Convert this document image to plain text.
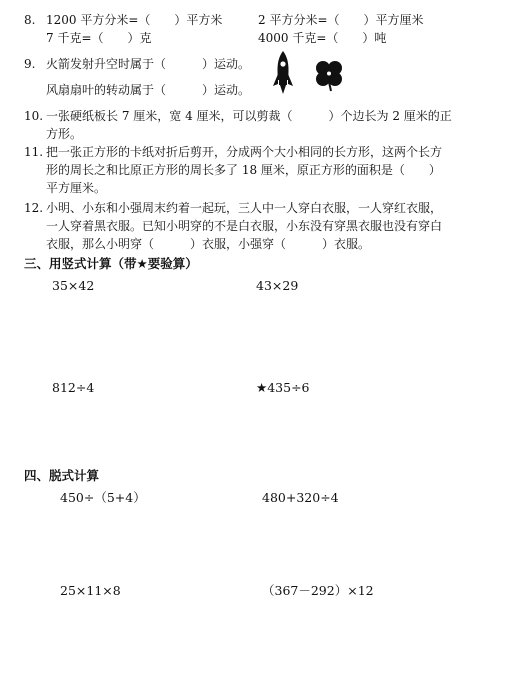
8. 1200 平方分米=（　　）平方米	2 平方分米=（　　）平方厘米
7 千克=（　　）克	4000 千克=（　　）吨
9. 火箭发射升空时属于（　　　）运动。
风扇扇叶的转动属于（　　　）运动。
10. 一张硬纸板长 7 厘米，宽 4 厘米，可以剪裁（　　　）个边长为 2 厘米的正
方形。
11. 把一张正方形的卡纸对折后剪开，分成两个大小相同的长方形，这两个长方
形的周长之和比原正方形的周长多了 18 厘米，原正方形的面积是（　　）
平方厘米。
12. 小明、小东和小强周末约着一起玩，三人中一人穿白衣服，一人穿红衣服，
一人穿着黑衣服。已知小明穿的不是白衣服，小东没有穿黑衣服也没有穿白
衣服，那么小明穿（　　　）衣服，小强穿（　　　）衣服。
三、用竖式计算（带★要验算）
35×42	43×29
812÷4	★435÷6
四、脱式计算
450÷（5+4）	480+320÷4
25×11×8	（367－292）×12
